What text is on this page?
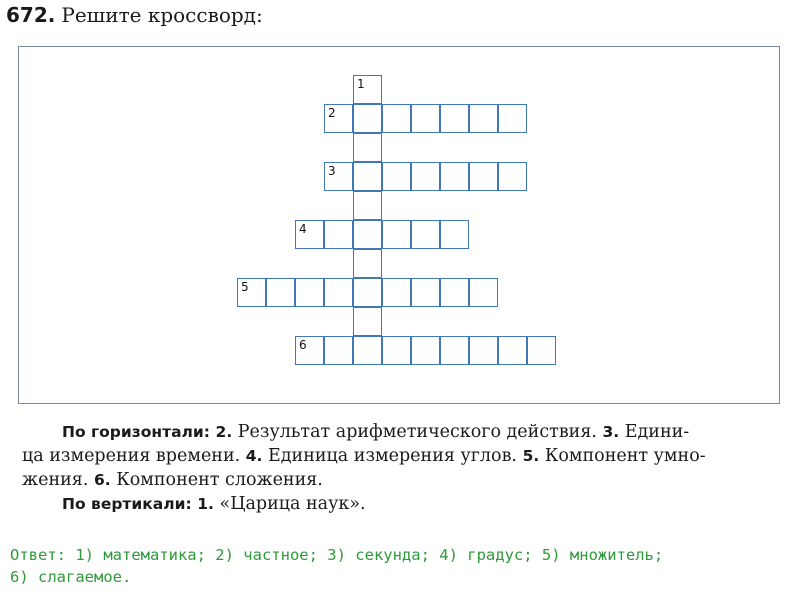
672. Решите кроссворд:
1
2
3
4
5
6

По горизонтали: 2. Результат арифметического действия. 3. Едини-

ца измерения времени. 4. Единица измерения углов. 5. Компонент умно-

жения. 6. Компонент сложения.

По вертикали: 1. «Царица наук».

Ответ: 1) математика; 2) частное; 3) секунда; 4) градус; 5) множитель;
6) слагаемое.
